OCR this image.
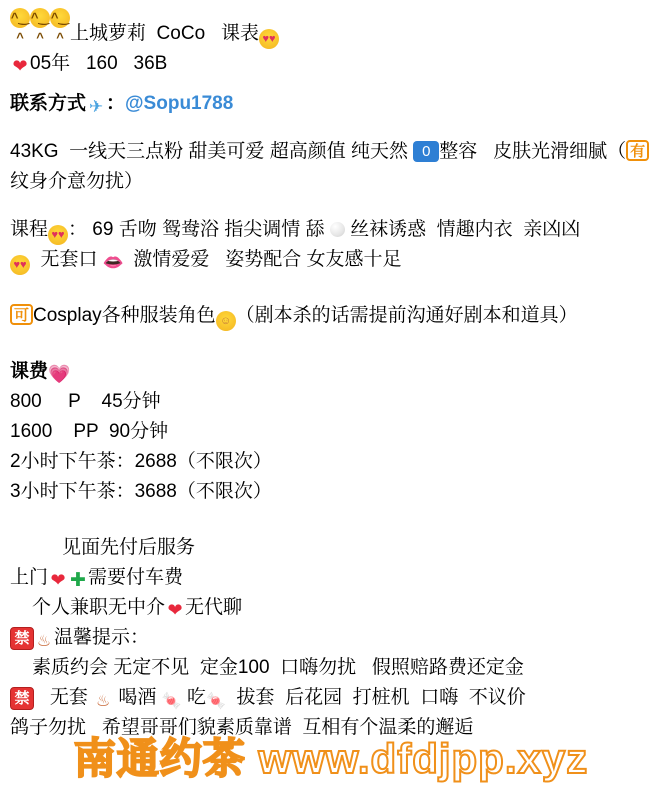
^‿^^‿^^‿^ 上城萝莉  CoCo   课表 ♥♥
❤ 05年   160   36B
联系方式 ✈ ：@Sopu1788
43KG  一线天三点粉 甜美可爱 超高颜值 纯天然 0 整容   皮肤光滑细腻（ 有纹身介意勿扰）
课程 ♥♥ ： 69 舌吻 鸳鸯浴 指尖调情 舔  丝袜诱惑  情趣内衣  亲凶凶
♥♥  无套口 👄  激情爱爱   姿势配合 女友感十足
可 Cosplay各种服装角色 ☺ （剧本杀的话需提前沟通好剧本和道具）
课费💗
800     P    45分钟
1600    PP  90分钟
2小时下午茶：2688（不限次）
3小时下午茶：3688（不限次）
见面先付后服务
上门 ❤ ✚ 需要付车费
个人兼职无中介 ❤ 无代聊
禁 ♨ 温馨提示：
素质约会 无定不见  定金100  口嗨勿扰   假照赔路费还定金
禁   无套 ♨ 喝酒 🍬 吃🍬  拔套  后花园  打桩机  口嗨  不议价
鸽子勿扰   希望哥哥们貌素质靠谱  互相有个温柔的邂逅
南通约茶 www.dfdjpp.xyz
